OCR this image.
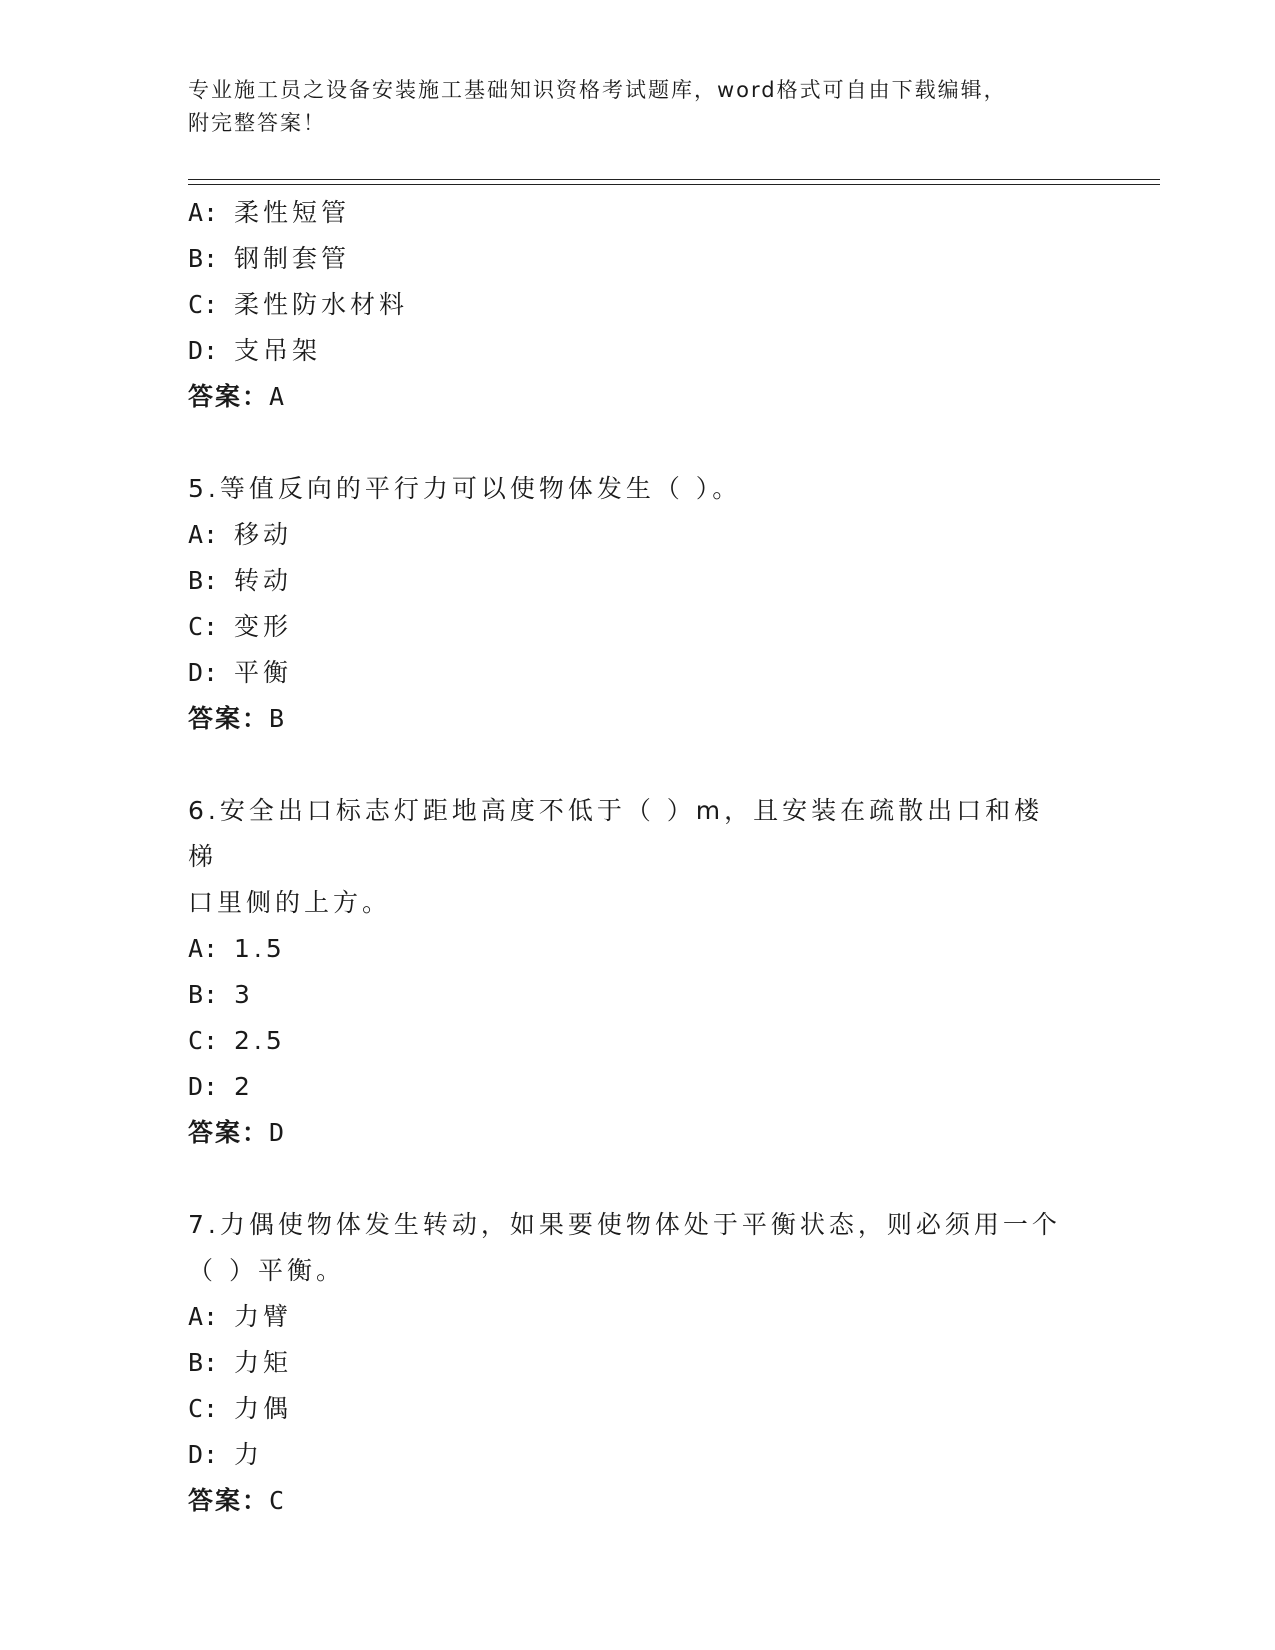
专业施工员之设备安装施工基础知识资格考试题库，word格式可自由下载编辑，
附完整答案！
A: 柔性短管
B: 钢制套管
C: 柔性防水材料
D: 支吊架
答案：A
5.等值反向的平行力可以使物体发生（ ）。
A: 移动
B: 转动
C: 变形
D: 平衡
答案：B
6.安全出口标志灯距地高度不低于（ ）m，且安装在疏散出口和楼梯
口里侧的上方。
A: 1.5
B: 3
C: 2.5
D: 2
答案：D
7.力偶使物体发生转动，如果要使物体处于平衡状态，则必须用一个
（ ）平衡。
A: 力臂
B: 力矩
C: 力偶
D: 力
答案：C
